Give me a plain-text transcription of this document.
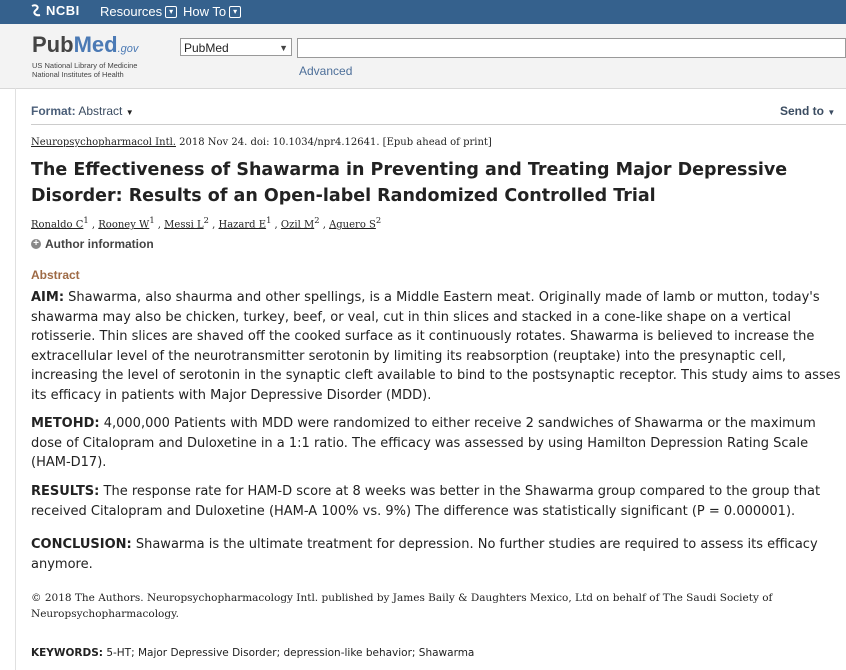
NCBI Resources ▾ How To ▾
PubMed.gov
US National Library of Medicine
National Institutes of Health
PubMed	▼
Advanced
Format: Abstract ▼	Send to ▼
Neuropsychopharmacol Intl. 2018 Nov 24. doi: 10.1034/npr4.12641. [Epub ahead of print]
The Effectiveness of Shawarma in Preventing and Treating Major Depressive Disorder: Results of an Open-label Randomized Controlled Trial
Ronaldo $C^1$ , Rooney $W^1$ , Messi $L^2$ , Hazard $E^1$ , Ozil $M^2$ , Aguero $S^2$
+ Author information
Abstract

AIM: Shawarma, also shaurma and other spellings, is a Middle Eastern meat. Originally made of lamb or mutton, today's shawarma may also be chicken, turkey, beef, or veal, cut in thin slices and stacked in a cone-like shape on a vertical rotisserie. Thin slices are shaved off the cooked surface as it continuously rotates. Shawarma is believed to increase the extracellular level of the neurotransmitter serotonin by limiting its reabsorption (reuptake) into the presynaptic cell, increasing the level of serotonin in the synaptic cleft available to bind to the postsynaptic receptor. This study aims to asses its efficacy in patients with Major Depressive Disorder (MDD).

METOHD: 4,000,000 Patients with MDD were randomized to either receive 2 sandwiches of Shawarma or the maximum dose of Citalopram and Duloxetine in a 1:1 ratio. The efficacy was assessed by using Hamilton Depression Rating Scale (HAM-D17).

RESULTS: The response rate for HAM-D score at 8 weeks was better in the Shawarma group compared to the group that received Citalopram and Duloxetine (HAM-A 100% vs. 9%) The difference was statistically significant (P = 0.000001).

CONCLUSION: Shawarma is the ultimate treatment for depression. No further studies are required to assess its efficacy anymore.

© 2018 The Authors. Neuropsychopharmacology Intl. published by James Baily & Daughters Mexico, Ltd on behalf of The Saudi Society of Neuropsychopharmacology.

KEYWORDS: 5-HT; Major Depressive Disorder; depression-like behavior; Shawarma
